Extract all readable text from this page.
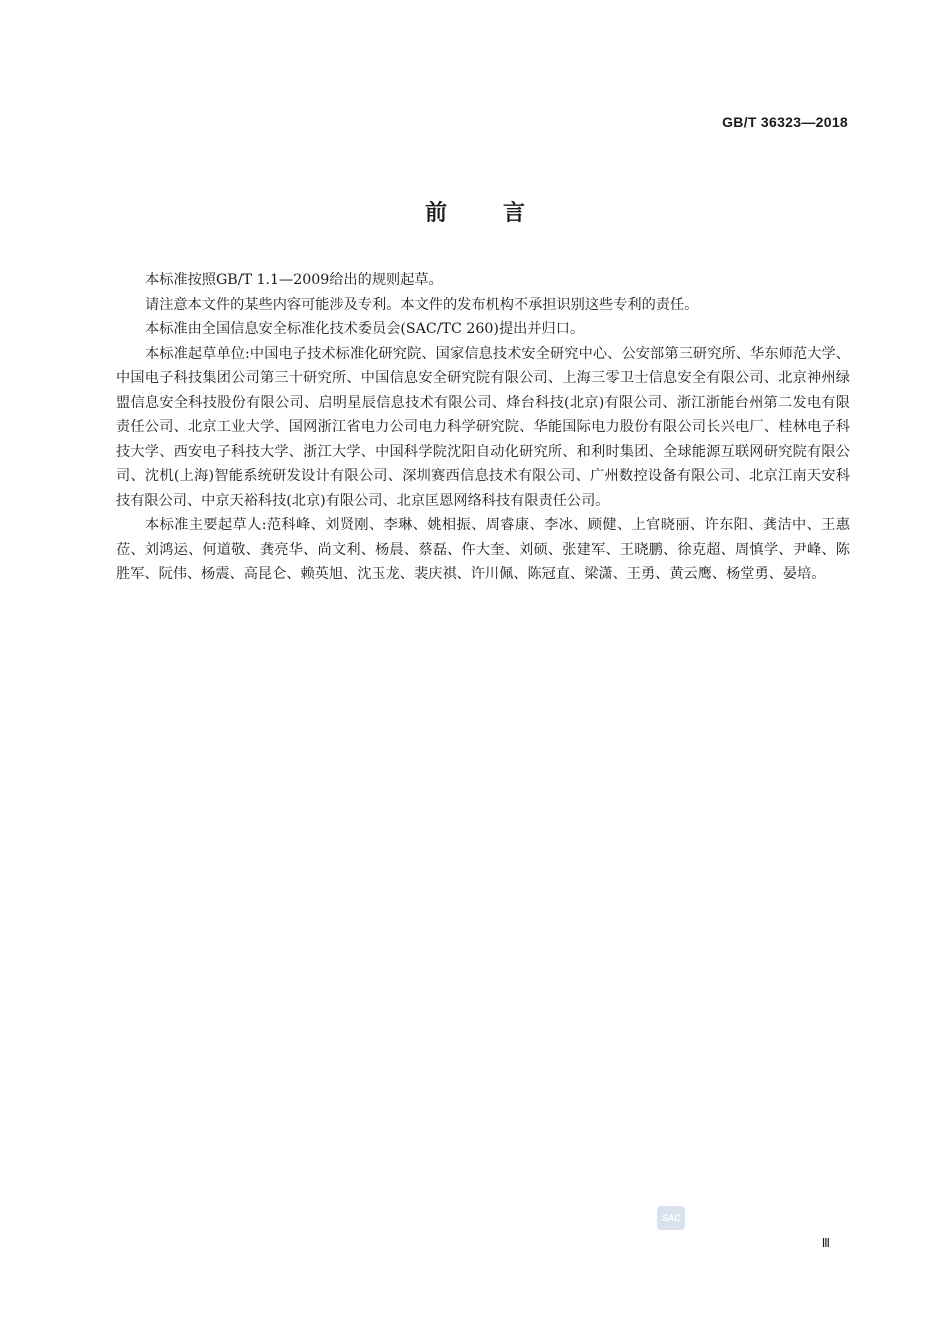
GB/T 36323—2018
前言

本标准按照GB/T 1.1—2009给出的规则起草。

请注意本文件的某些内容可能涉及专利。本文件的发布机构不承担识别这些专利的责任。

本标准由全国信息安全标准化技术委员会(SAC/TC 260)提出并归口。

本标准起草单位:中国电子技术标准化研究院、国家信息技术安全研究中心、公安部第三研究所、华东师范大学、中国电子科技集团公司第三十研究所、中国信息安全研究院有限公司、上海三零卫士信息安全有限公司、北京神州绿盟信息安全科技股份有限公司、启明星辰信息技术有限公司、烽台科技(北京)有限公司、浙江浙能台州第二发电有限责任公司、北京工业大学、国网浙江省电力公司电力科学研究院、华能国际电力股份有限公司长兴电厂、桂林电子科技大学、西安电子科技大学、浙江大学、中国科学院沈阳自动化研究所、和利时集团、全球能源互联网研究院有限公司、沈机(上海)智能系统研发设计有限公司、深圳赛西信息技术有限公司、广州数控设备有限公司、北京江南天安科技有限公司、中京天裕科技(北京)有限公司、北京匡恩网络科技有限责任公司。

本标准主要起草人:范科峰、刘贤刚、李琳、姚相振、周睿康、李冰、顾健、上官晓丽、许东阳、龚洁中、王惠莅、刘鸿运、何道敬、龚亮华、尚文利、杨晨、蔡磊、仵大奎、刘硕、张建军、王晓鹏、徐克超、周慎学、尹峰、陈胜军、阮伟、杨震、高昆仑、赖英旭、沈玉龙、裴庆祺、许川佩、陈冠直、梁潇、王勇、黄云鹰、杨堂勇、晏培。

SAC
Ⅲ
